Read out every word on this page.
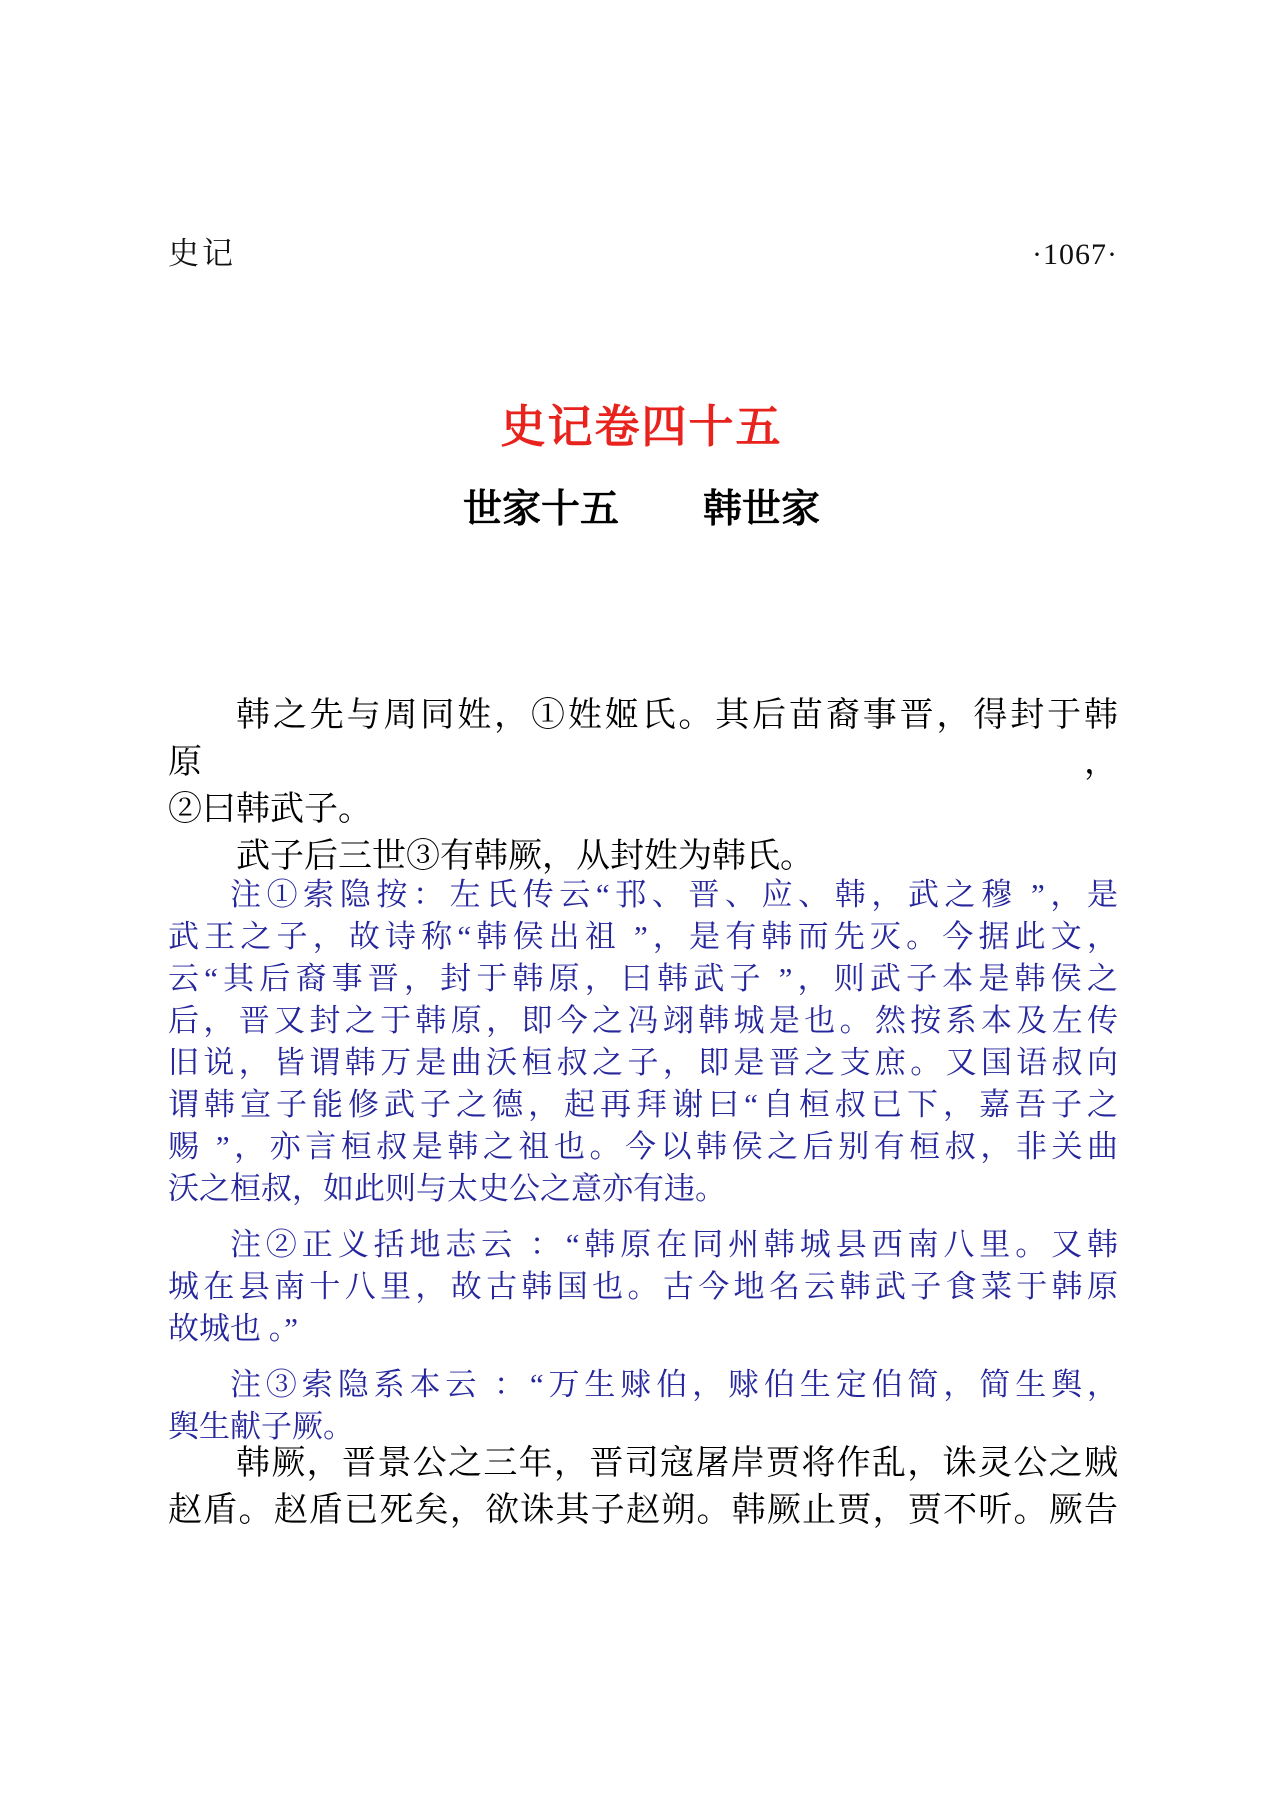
史记	·1067·
史记卷四十五
世家十五 韩世家
韩之先与周同姓，①姓姬氏。其后苗裔事晋，得封于韩原，
②曰韩武子。
武子后三世③有韩厥，从封姓为韩氏。
注①索隐按：左氏传云“邘、晋、应、韩，武之穆 ”，是
武王之子，故诗称“韩侯出祖 ”，是有韩而先灭。今据此文，
云“其后裔事晋，封于韩原，曰韩武子 ”，则武子本是韩侯之
后，晋又封之于韩原，即今之冯翊韩城是也。然按系本及左传
旧说，皆谓韩万是曲沃桓叔之子，即是晋之支庶。又国语叔向
谓韩宣子能修武子之德，起再拜谢曰“自桓叔已下，嘉吾子之
赐 ”，亦言桓叔是韩之祖也。今以韩侯之后别有桓叔，非关曲
沃之桓叔，如此则与太史公之意亦有违。
注②正义括地志云 ：“韩原在同州韩城县西南八里。又韩
城在县南十八里，故古韩国也。古今地名云韩武子食菜于韩原
故城也 。”
注③索隐系本云 ：“万生赇伯，赇伯生定伯简，简生舆，
舆生献子厥。
韩厥，晋景公之三年，晋司寇屠岸贾将作乱，诛灵公之贼
赵盾。赵盾已死矣，欲诛其子赵朔。韩厥止贾，贾不听。厥告
